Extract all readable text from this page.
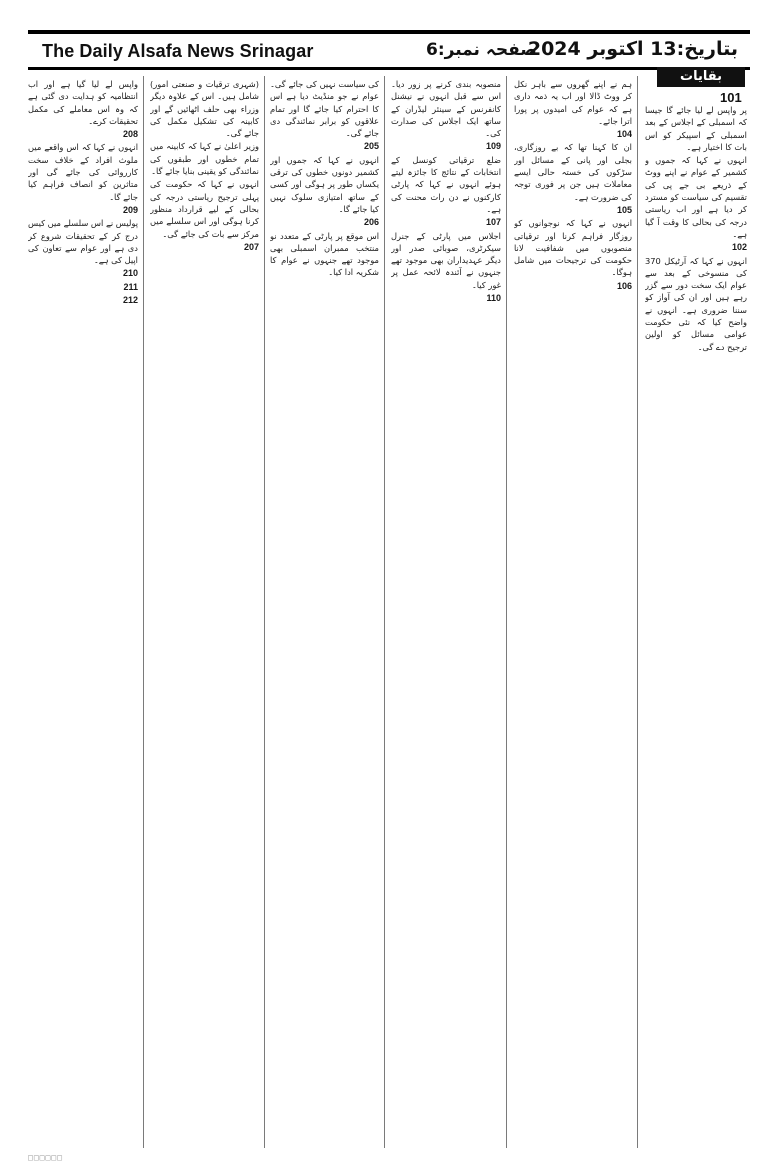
The Daily Alsafa News Srinagar	صفحہ نمبر:6
بتاریخ:13 اکتوبر 2024
بقایات
101

پر واپس لے لیا جائے گا جیسا کہ اسمبلی کے اجلاس کے بعد اسمبلی کے اسپیکر کو اس بات کا اختیار ہے۔

انہوں نے کہا کہ جموں و کشمیر کے عوام نے اپنے ووٹ کے ذریعے بی جے پی کی تقسیم کی سیاست کو مسترد کر دیا ہے اور اب ریاستی درجہ کی بحالی کا وقت آ گیا ہے۔

102

انہوں نے کہا کہ آرٹیکل 370 کی منسوخی کے بعد سے عوام ایک سخت دور سے گزر رہے ہیں اور ان کی آواز کو سننا ضروری ہے۔ انہوں نے واضح کیا کہ نئی حکومت عوامی مسائل کو اولین ترجیح دے گی۔

ہم نے اپنے گھروں سے باہر نکل کر ووٹ ڈالا اور اب یہ ذمہ داری ہے کہ عوام کی امیدوں پر پورا اترا جائے۔

104

ان کا کہنا تھا کہ بے روزگاری، بجلی اور پانی کے مسائل اور سڑکوں کی خستہ حالی ایسے معاملات ہیں جن پر فوری توجہ کی ضرورت ہے۔

105

انہوں نے کہا کہ نوجوانوں کو روزگار فراہم کرنا اور ترقیاتی منصوبوں میں شفافیت لانا حکومت کی ترجیحات میں شامل ہوگا۔

106

منصوبہ بندی کرنے پر زور دیا۔ اس سے قبل انہوں نے نیشنل کانفرنس کے سینئر لیڈران کے ساتھ ایک اجلاس کی صدارت کی۔

109

ضلع ترقیاتی کونسل کے انتخابات کے نتائج کا جائزہ لیتے ہوئے انہوں نے کہا کہ پارٹی کارکنوں نے دن رات محنت کی ہے۔

107

اجلاس میں پارٹی کے جنرل سیکرٹری، صوبائی صدر اور دیگر عہدیداران بھی موجود تھے جنہوں نے آئندہ لائحہ عمل پر غور کیا۔

110

کی سیاست نہیں کی جائے گی۔ عوام نے جو منڈیٹ دیا ہے اس کا احترام کیا جائے گا اور تمام علاقوں کو برابر نمائندگی دی جائے گی۔

205

انہوں نے کہا کہ جموں اور کشمیر دونوں خطوں کی ترقی یکساں طور پر ہوگی اور کسی کے ساتھ امتیازی سلوک نہیں کیا جائے گا۔

206

اس موقع پر پارٹی کے متعدد نو منتخب ممبران اسمبلی بھی موجود تھے جنہوں نے عوام کا شکریہ ادا کیا۔

(شہری ترقیات و صنعتی امور) شامل ہیں۔ اس کے علاوہ دیگر وزراء بھی حلف اٹھائیں گے اور کابینہ کی تشکیل مکمل کی جائے گی۔

وزیر اعلیٰ نے کہا کہ کابینہ میں تمام خطوں اور طبقوں کی نمائندگی کو یقینی بنایا جائے گا۔

انہوں نے کہا کہ حکومت کی پہلی ترجیح ریاستی درجہ کی بحالی کے لیے قرارداد منظور کرنا ہوگی اور اس سلسلے میں مرکز سے بات کی جائے گی۔

207

واپس لے لیا گیا ہے اور اب انتظامیہ کو ہدایت دی گئی ہے کہ وہ اس معاملے کی مکمل تحقیقات کرے۔

208

انہوں نے کہا کہ اس واقعے میں ملوث افراد کے خلاف سخت کارروائی کی جائے گی اور متاثرین کو انصاف فراہم کیا جائے گا۔

209

پولیس نے اس سلسلے میں کیس درج کر کے تحقیقات شروع کر دی ہے اور عوام سے تعاون کی اپیل کی ہے۔

210
211
212
□□□□□□
